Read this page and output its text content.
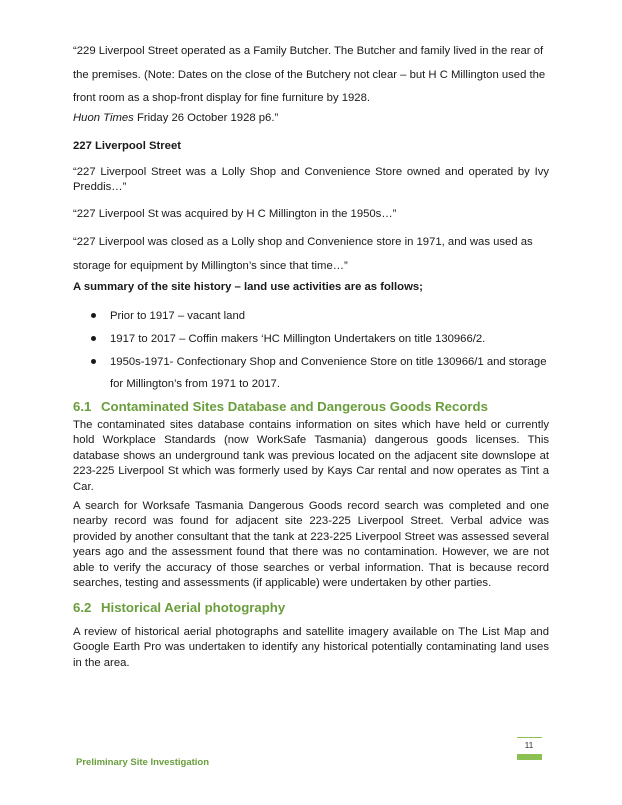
“229 Liverpool Street operated as a Family Butcher. The Butcher and family lived in the rear of
the premises. (Note: Dates on the close of the Butchery not clear – but H C Millington used the
front room as a shop-front display for fine furniture by 1928.

Huon Times Friday 26 October 1928 p6.”

227 Liverpool Street

“227 Liverpool Street was a Lolly Shop and Convenience Store owned and operated by Ivy Preddis…”

“227 Liverpool St was acquired by H C Millington in the 1950s…”

“227 Liverpool was closed as a Lolly shop and Convenience store in 1971, and was used as
storage for equipment by Millington’s since that time…”

A summary of the site history – land use activities are as follows;

Prior to 1917 – vacant land
1917 to 2017 – Coffin makers ‘HC Millington Undertakers on title 130966/2.
1950s-1971- Confectionary Shop and Convenience Store on title 130966/1 and storage
for Millington’s from 1971 to 2017.
6.1 Contaminated Sites Database and Dangerous Goods Records

The contaminated sites database contains information on sites which have held or currently hold Workplace Standards (now WorkSafe Tasmania) dangerous goods licenses. This database shows an underground tank was previous located on the adjacent site downslope at 223-225 Liverpool St which was formerly used by Kays Car rental and now operates as Tint a Car.

A search for Worksafe Tasmania Dangerous Goods record search was completed and one nearby record was found for adjacent site 223-225 Liverpool Street. Verbal advice was provided by another consultant that the tank at 223-225 Liverpool Street was assessed several years ago and the assessment found that there was no contamination. However, we are not able to verify the accuracy of those searches or verbal information. That is because record searches, testing and assessments (if applicable) were undertaken by other parties.

6.2 Historical Aerial photography

A review of historical aerial photographs and satellite imagery available on The List Map and Google Earth Pro was undertaken to identify any historical potentially contaminating land uses in the area.

11
Preliminary Site Investigation
